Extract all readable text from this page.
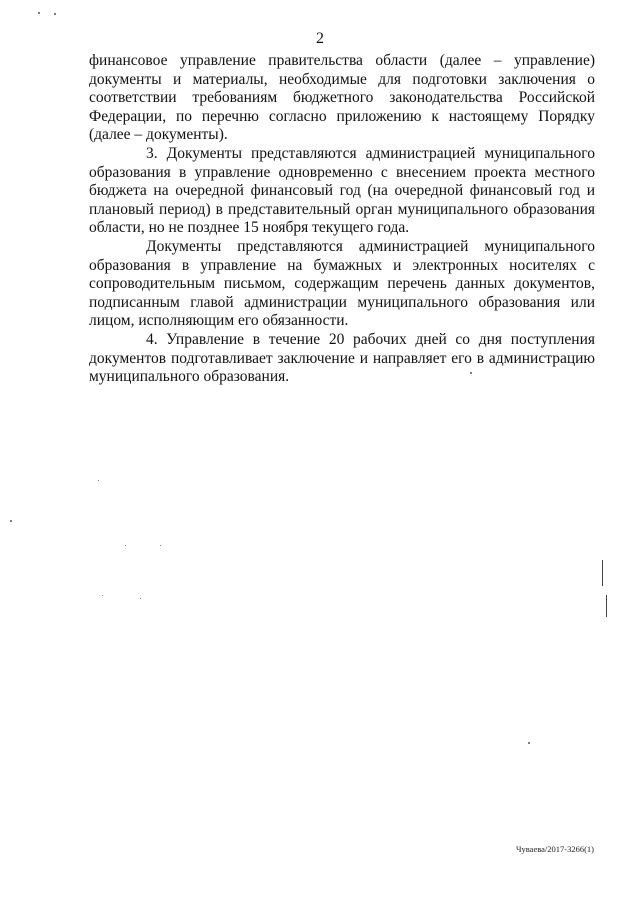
2

финансовое управление правительства области (далее – управление) документы и материалы, необходимые для подготовки заключения о соответствии требованиям бюджетного законодательства Российской Федерации, по перечню согласно приложению к настоящему Порядку (далее – документы).

3. Документы представляются администрацией муниципального образования в управление одновременно с внесением проекта местного бюджета на очередной финансовый год (на очередной финансовый год и плановый период) в представительный орган муниципального образования области, но не позднее 15 ноября текущего года.

Документы представляются администрацией муниципального образования в управление на бумажных и электронных носителях с сопроводительным письмом, содержащим перечень данных документов, подписанным главой администрации муниципального образования или лицом, исполняющим его обязанности.

4. Управление в течение 20 рабочих дней со дня поступления документов подготавливает заключение и направляет его в администрацию муниципального образования.

Чуваева/2017-3266(1)
